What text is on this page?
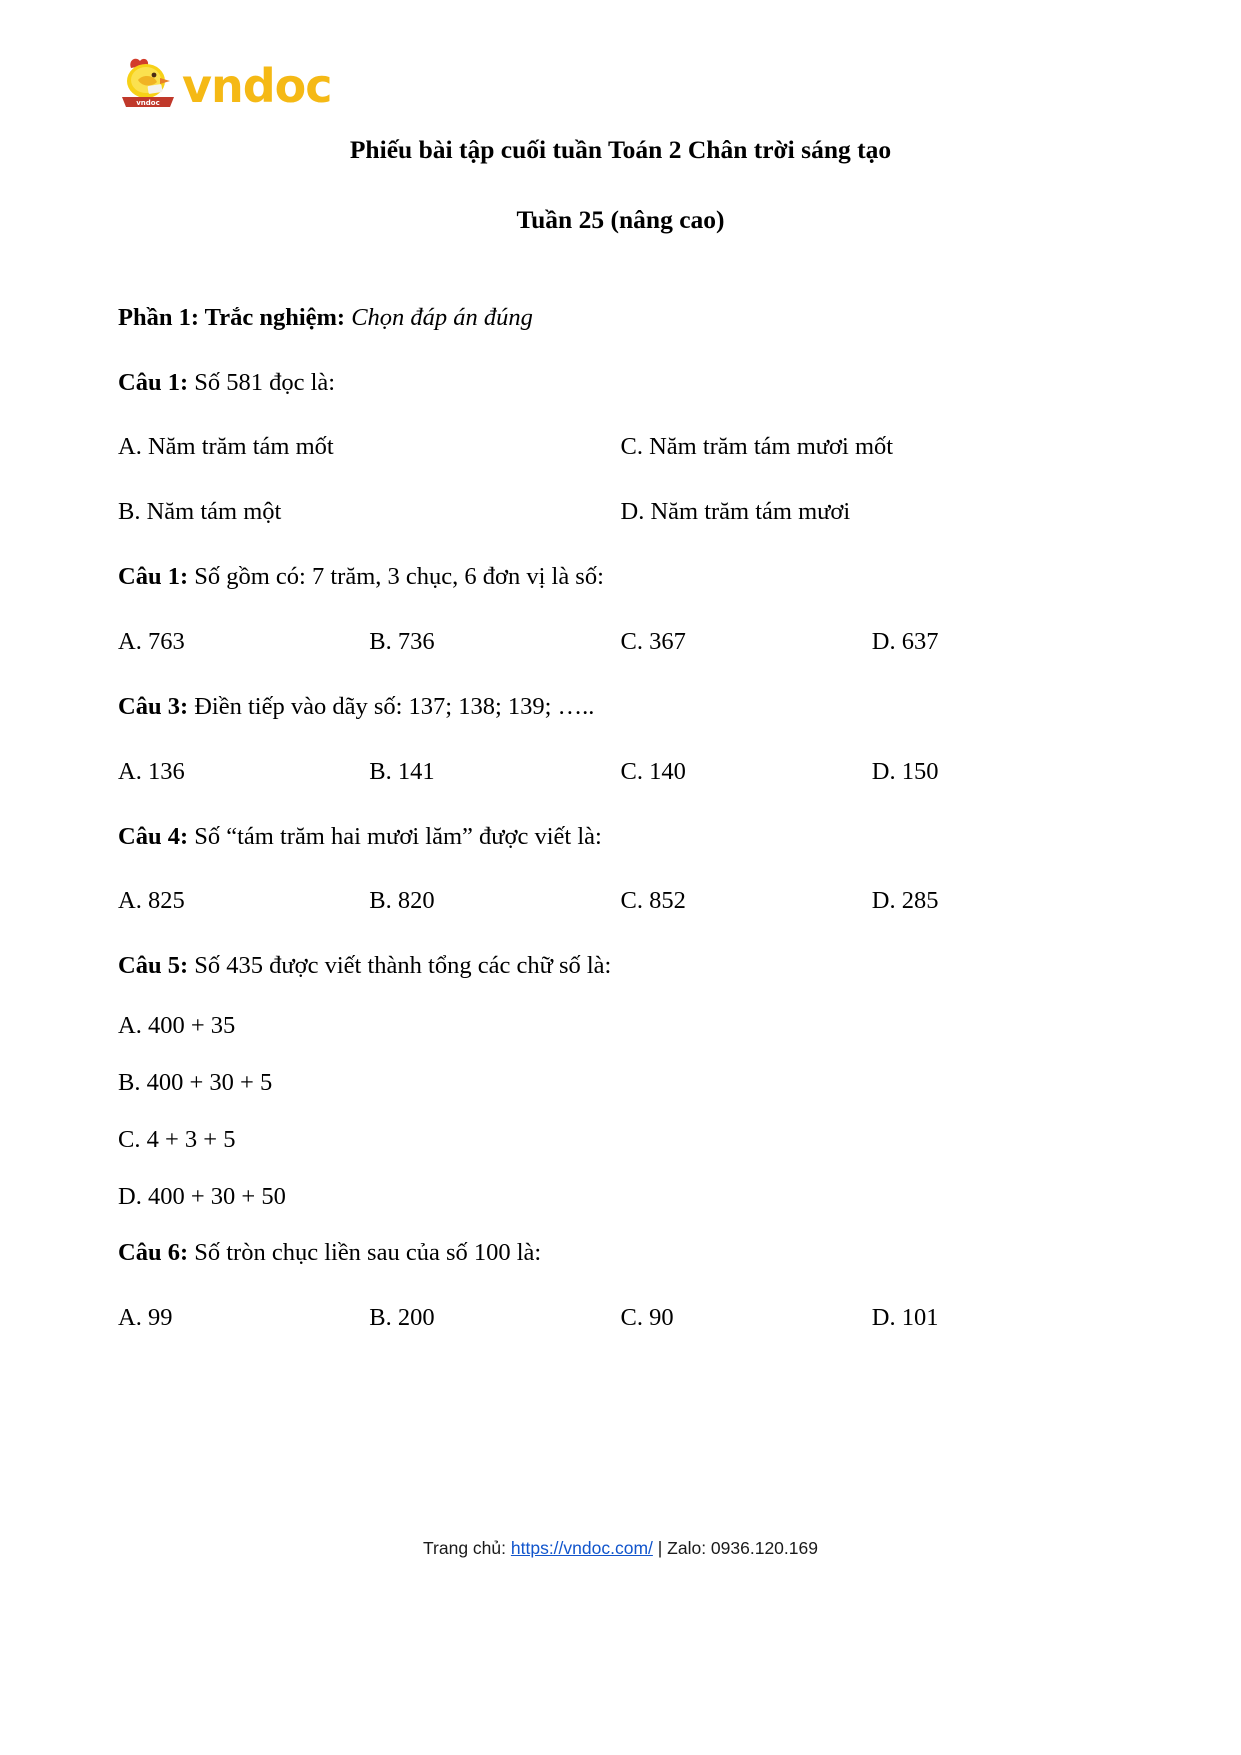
vndoc vndoc
Phiếu bài tập cuối tuần Toán 2 Chân trời sáng tạo
Tuần 25 (nâng cao)

Phần 1: Trắc nghiệm: Chọn đáp án đúng

Câu 1: Số 581 đọc là:

A. Năm trăm tám mốt	C. Năm trăm tám mươi mốt
B. Năm tám một	D. Năm trăm tám mươi

Câu 1: Số gồm có: 7 trăm, 3 chục, 6 đơn vị là số:

A. 763	B. 736	C. 367	D. 637

Câu 3: Điền tiếp vào dãy số: 137; 138; 139; …..

A. 136	B. 141	C. 140	D. 150

Câu 4: Số “tám trăm hai mươi lăm” được viết là:

A. 825	B. 820	C. 852	D. 285

Câu 5: Số 435 được viết thành tổng các chữ số là:

A. 400 + 35

B. 400 + 30 + 5

C. 4 + 3 + 5

D. 400 + 30 + 50

Câu 6: Số tròn chục liền sau của số 100 là:

A. 99	B. 200	C. 90	D. 101
Trang chủ: https://vndoc.com/ | Zalo: 0936.120.169
